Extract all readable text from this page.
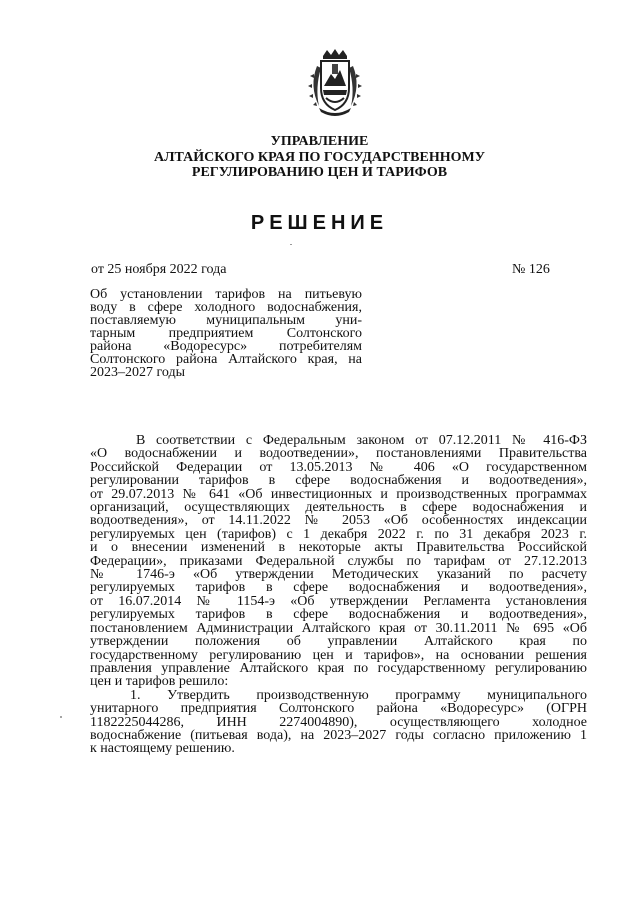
УПРАВЛЕНИЕ
АЛТАЙСКОГО КРАЯ ПО ГОСУДАРСТВЕННОМУ
РЕГУЛИРОВАНИЮ ЦЕН И ТАРИФОВ
РЕШЕНИЕ
от 25 ноября 2022 года	№ 126
Об установлении тарифов на питьевую
воду в сфере холодного водоснабжения,
поставляемую муниципальным уни-
тарным предприятием Солтонского
района «Водоресурс» потребителям
Солтонского района Алтайского края, на
2023–2027 годы
В соответствии с Федеральным законом от 07.12.2011 № 416-ФЗ
«О водоснабжении и водоотведении», постановлениями Правительства
Российской Федерации от 13.05.2013 № 406 «О государственном
регулировании тарифов в сфере водоснабжения и водоотведения»,
от 29.07.2013 № 641 «Об инвестиционных и производственных программах
организаций, осуществляющих деятельность в сфере водоснабжения и
водоотведения», от 14.11.2022 № 2053 «Об особенностях индексации
регулируемых цен (тарифов) с 1 декабря 2022 г. по 31 декабря 2023 г.
и о внесении изменений в некоторые акты Правительства Российской
Федерации», приказами Федеральной службы по тарифам от 27.12.2013
№ 1746-э «Об утверждении Методических указаний по расчету
регулируемых тарифов в сфере водоснабжения и водоотведения»,
от 16.07.2014 № 1154-э «Об утверждении Регламента установления
регулируемых тарифов в сфере водоснабжения и водоотведения»,
постановлением Администрации Алтайского края от 30.11.2011 № 695 «Об
утверждении положения об управлении Алтайского края по
государственному регулированию цен и тарифов», на основании решения
правления управление Алтайского края по государственному регулированию
цен и тарифов решило:
1. Утвердить производственную программу муниципального
унитарного предприятия Солтонского района «Водоресурс» (ОГРН
1182225044286, ИНН 2274004890), осуществляющего холодное
водоснабжение (питьевая вода), на 2023–2027 годы согласно приложению 1
к настоящему решению.
